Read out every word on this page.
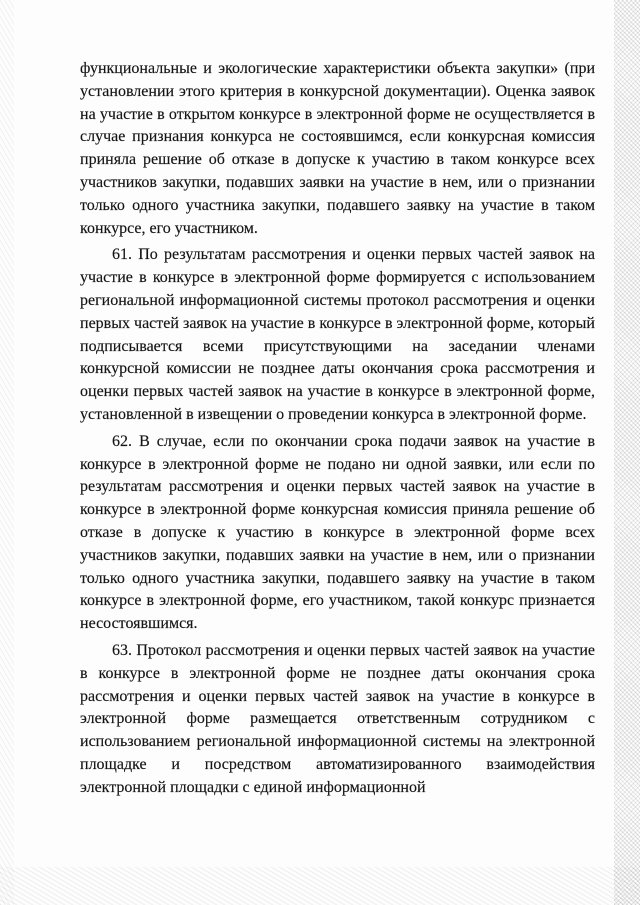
функциональные и экологические характеристики объекта закупки» (при установлении этого критерия в конкурсной документации). Оценка заявок на участие в открытом конкурсе в электронной форме не осуществляется в случае признания конкурса не состоявшимся, если конкурсная комиссия приняла решение об отказе в допуске к участию в таком конкурсе всех участников закупки, подавших заявки на участие в нем, или о признании только одного участника закупки, подавшего заявку на участие в таком конкурсе, его участником.

61. По результатам рассмотрения и оценки первых частей заявок на участие в конкурсе в электронной форме формируется с использованием региональной информационной системы протокол рассмотрения и оценки первых частей заявок на участие в конкурсе в электронной форме, который подписывается всеми присутствующими на заседании членами конкурсной комиссии не позднее даты окончания срока рассмотрения и оценки первых частей заявок на участие в конкурсе в электронной форме, установленной в извещении о проведении конкурса в электронной форме.

62. В случае, если по окончании срока подачи заявок на участие в конкурсе в электронной форме не подано ни одной заявки, или если по результатам рассмотрения и оценки первых частей заявок на участие в конкурсе в электронной форме конкурсная комиссия приняла решение об отказе в допуске к участию в конкурсе в электронной форме всех участников закупки, подавших заявки на участие в нем, или о признании только одного участника закупки, подавшего заявку на участие в таком конкурсе в электронной форме, его участником, такой конкурс признается несостоявшимся.

63. Протокол рассмотрения и оценки первых частей заявок на участие в конкурсе в электронной форме не позднее даты окончания срока рассмотрения и оценки первых частей заявок на участие в конкурсе в электронной форме размещается ответственным сотрудником с использованием региональной информационной системы на электронной площадке и посредством автоматизированного взаимодействия электронной площадки с единой информационной
